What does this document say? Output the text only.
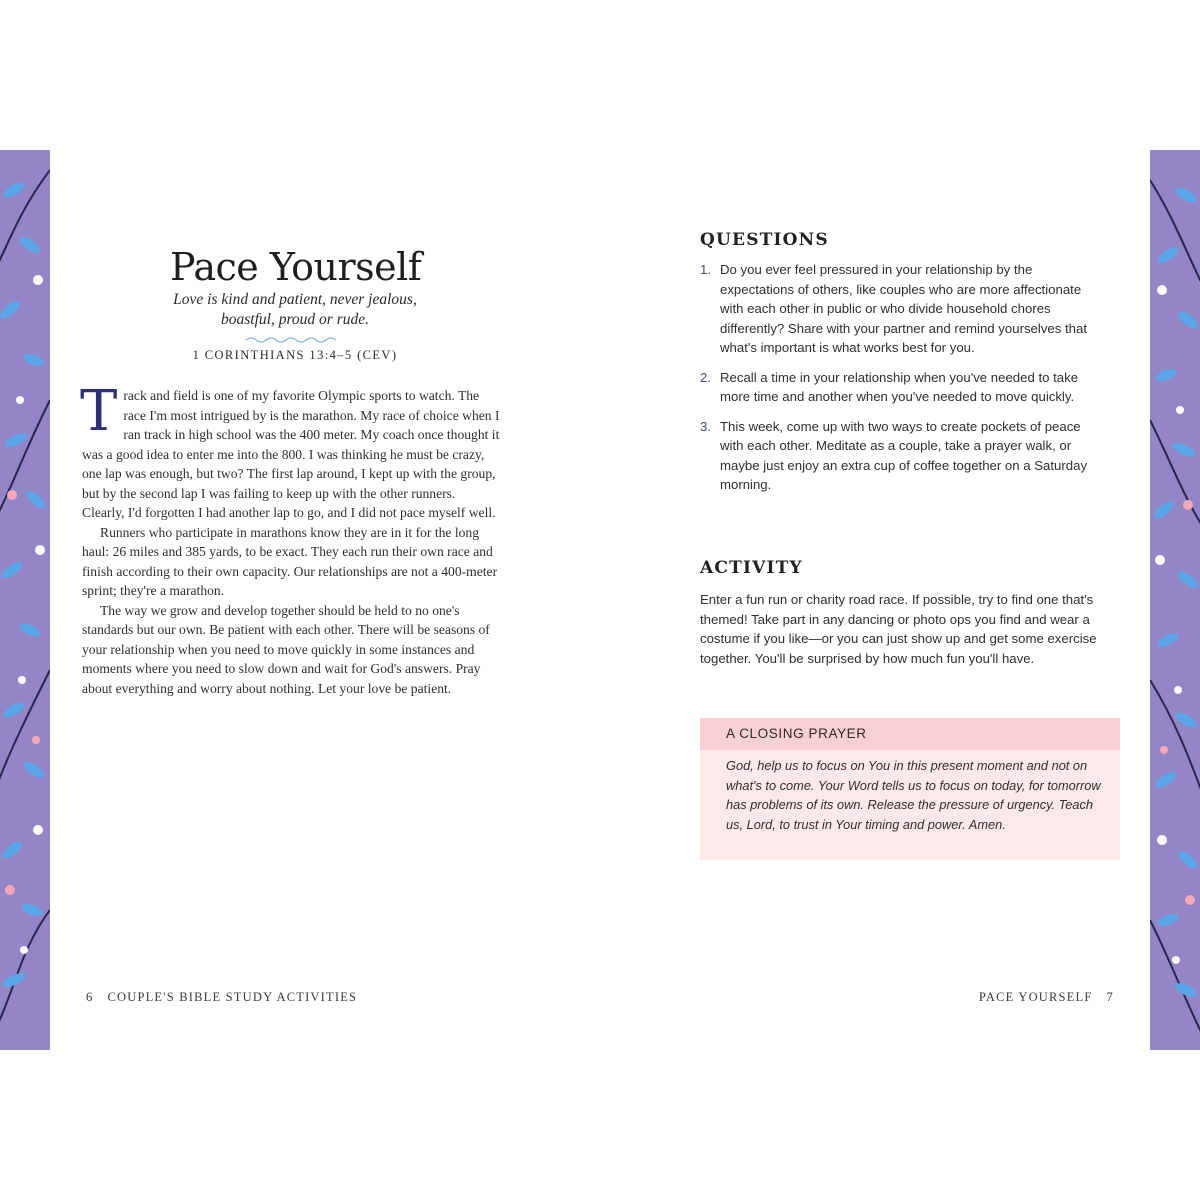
Pace Yourself
Love is kind and patient, never jealous,
boastful, proud or rude.
1 CORINTHIANS 13:4–5 (CEV)

Track and field is one of my favorite Olympic sports to watch. The race I'm most intrigued by is the marathon. My race of choice when I ran track in high school was the 400 meter. My coach once thought it was a good idea to enter me into the 800. I was thinking he must be crazy, one lap was enough, but two? The first lap around, I kept up with the group, but by the second lap I was failing to keep up with the other runners. Clearly, I'd forgotten I had another lap to go, and I did not pace myself well.

Runners who participate in marathons know they are in it for the long haul: 26 miles and 385 yards, to be exact. They each run their own race and finish according to their own capacity. Our relationships are not a 400-meter sprint; they're a marathon.

The way we grow and develop together should be held to no one's standards but our own. Be patient with each other. There will be seasons of your relationship when you need to move quickly in some instances and moments where you need to slow down and wait for God's answers. Pray about everything and worry about nothing. Let your love be patient.

6 COUPLE'S BIBLE STUDY ACTIVITIES
QUESTIONS
1. Do you ever feel pressured in your relationship by the expectations of others, like couples who are more affectionate with each other in public or who divide household chores differently? Share with your partner and remind yourselves that what's important is what works best for you.
2. Recall a time in your relationship when you've needed to take more time and another when you've needed to move quickly.
3. This week, come up with two ways to create pockets of peace with each other. Meditate as a couple, take a prayer walk, or maybe just enjoy an extra cup of coffee together on a Saturday morning.
ACTIVITY

Enter a fun run or charity road race. If possible, try to find one that's themed! Take part in any dancing or photo ops you find and wear a costume if you like—or you can just show up and get some exercise together. You'll be surprised by how much fun you'll have.

A CLOSING PRAYER

God, help us to focus on You in this present moment and not on what's to come. Your Word tells us to focus on today, for tomorrow has problems of its own. Release the pressure of urgency. Teach us, Lord, to trust in Your timing and power. Amen.

PACE YOURSELF 7
